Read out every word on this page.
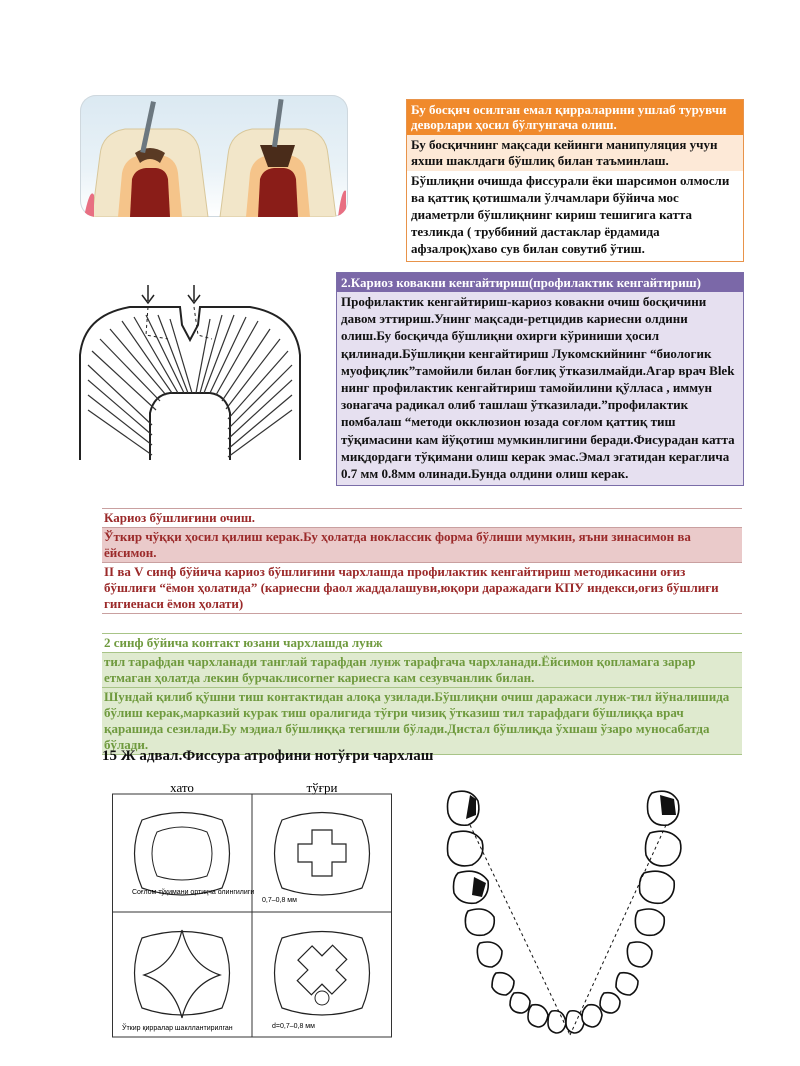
Бу босқич осилган емал қирраларини ушлаб турувчи деворлари ҳосил бўлгунгача олиш.
Бу босқичнинг мақсади кейинги манипуляция учун яхши шаклдаги бўшлиқ билан таъминлаш.
Бўшлиқни очишда фиссурали ёки шарсимон олмосли ва қаттиқ қотишмали ўлчамлари бўйича мос диаметрли бўшлиқнинг кириш тешигига катта тезликда ( труббиний дастаклар ёрдамида афзалроқ)хаво сув билан совутиб ўтиш.
2.Кариоз ковакни кенгайтириш(профилактик кенгайтириш)
Профилактик кенгайтириш-кариоз ковакни очиш босқичини давом эттириш.Унинг мақсади-ретцидив кариесни олдини олиш.Бу босқичда бўшлиқни охирги кўриниши ҳосил қилинади.Бўшлиқни кенгайтириш Лукомскийнинг “биологик муофиқлик”тамойили билан боғлиқ ўтказилмайди.Агар врач Blek нинг профилактик кенгайтириш тамойилини қўлласа , иммун зонагача радикал олиб ташлаш ўтказилади.”профилактик помбалаш “методи окклюзион юзада соғлом қаттиқ тиш тўқимасини кам йўқотиш мумкинлигини беради.Фисурадан катта миқдордаги тўқимани олиш керак эмас.Эмал эгатидан кераглича 0.7 мм 0.8мм олинади.Бунда олдини олиш керак.
Кариоз бўшлиғини очиш.
Ўткир чўққи ҳосил қилиш керак.Бу ҳолатда ноклассик форма бўлиши мумкин, яъни зинасимон ва ёйсимон.
II ва V синф бўйича кариоз бўшлиғини чархлашда профилактик кенгайтириш методикасини оғиз бўшлиғи “ёмон ҳолатида” (кариесни фаол жаддалашуви,юқори даражадаги КПУ индекси,оғиз бўшлиғи гигиенаси ёмон ҳолати)
2 синф бўйича контакт юзани чархлашда лунж
тил тарафдан чархланади танглай тарафдан лунж тарафгача чархланади.Ёйсимон қопламага зарар етмаган ҳолатда лекин бурчаклиcorner кариесга кам сезувчанлик билан.
Шундай қилиб қўшни тиш контактидан алоқа узилади.Бўшлиқни очиш даражаси лунж-тил йўналишида бўлиш керак,марказий курак тиш оралигида тўғри чизиқ ўтказиш тил тарафдаги бўшлиққа врач қарашида сезилади.Бу мэдиал бўшлиққа тегишли бўлади.Дистал бўшлиқда ўхшаш ўзаро муносабатда бўлади.
15 Ж адвал.Фиссура атрофини нотўғри чархлаш
хато	тўғри
Соғлом тўқимани ортиқча олингилиги
0,7–0,8 мм
Ўткир қирралар шакллантирилган	d=0,7–0,8 мм
